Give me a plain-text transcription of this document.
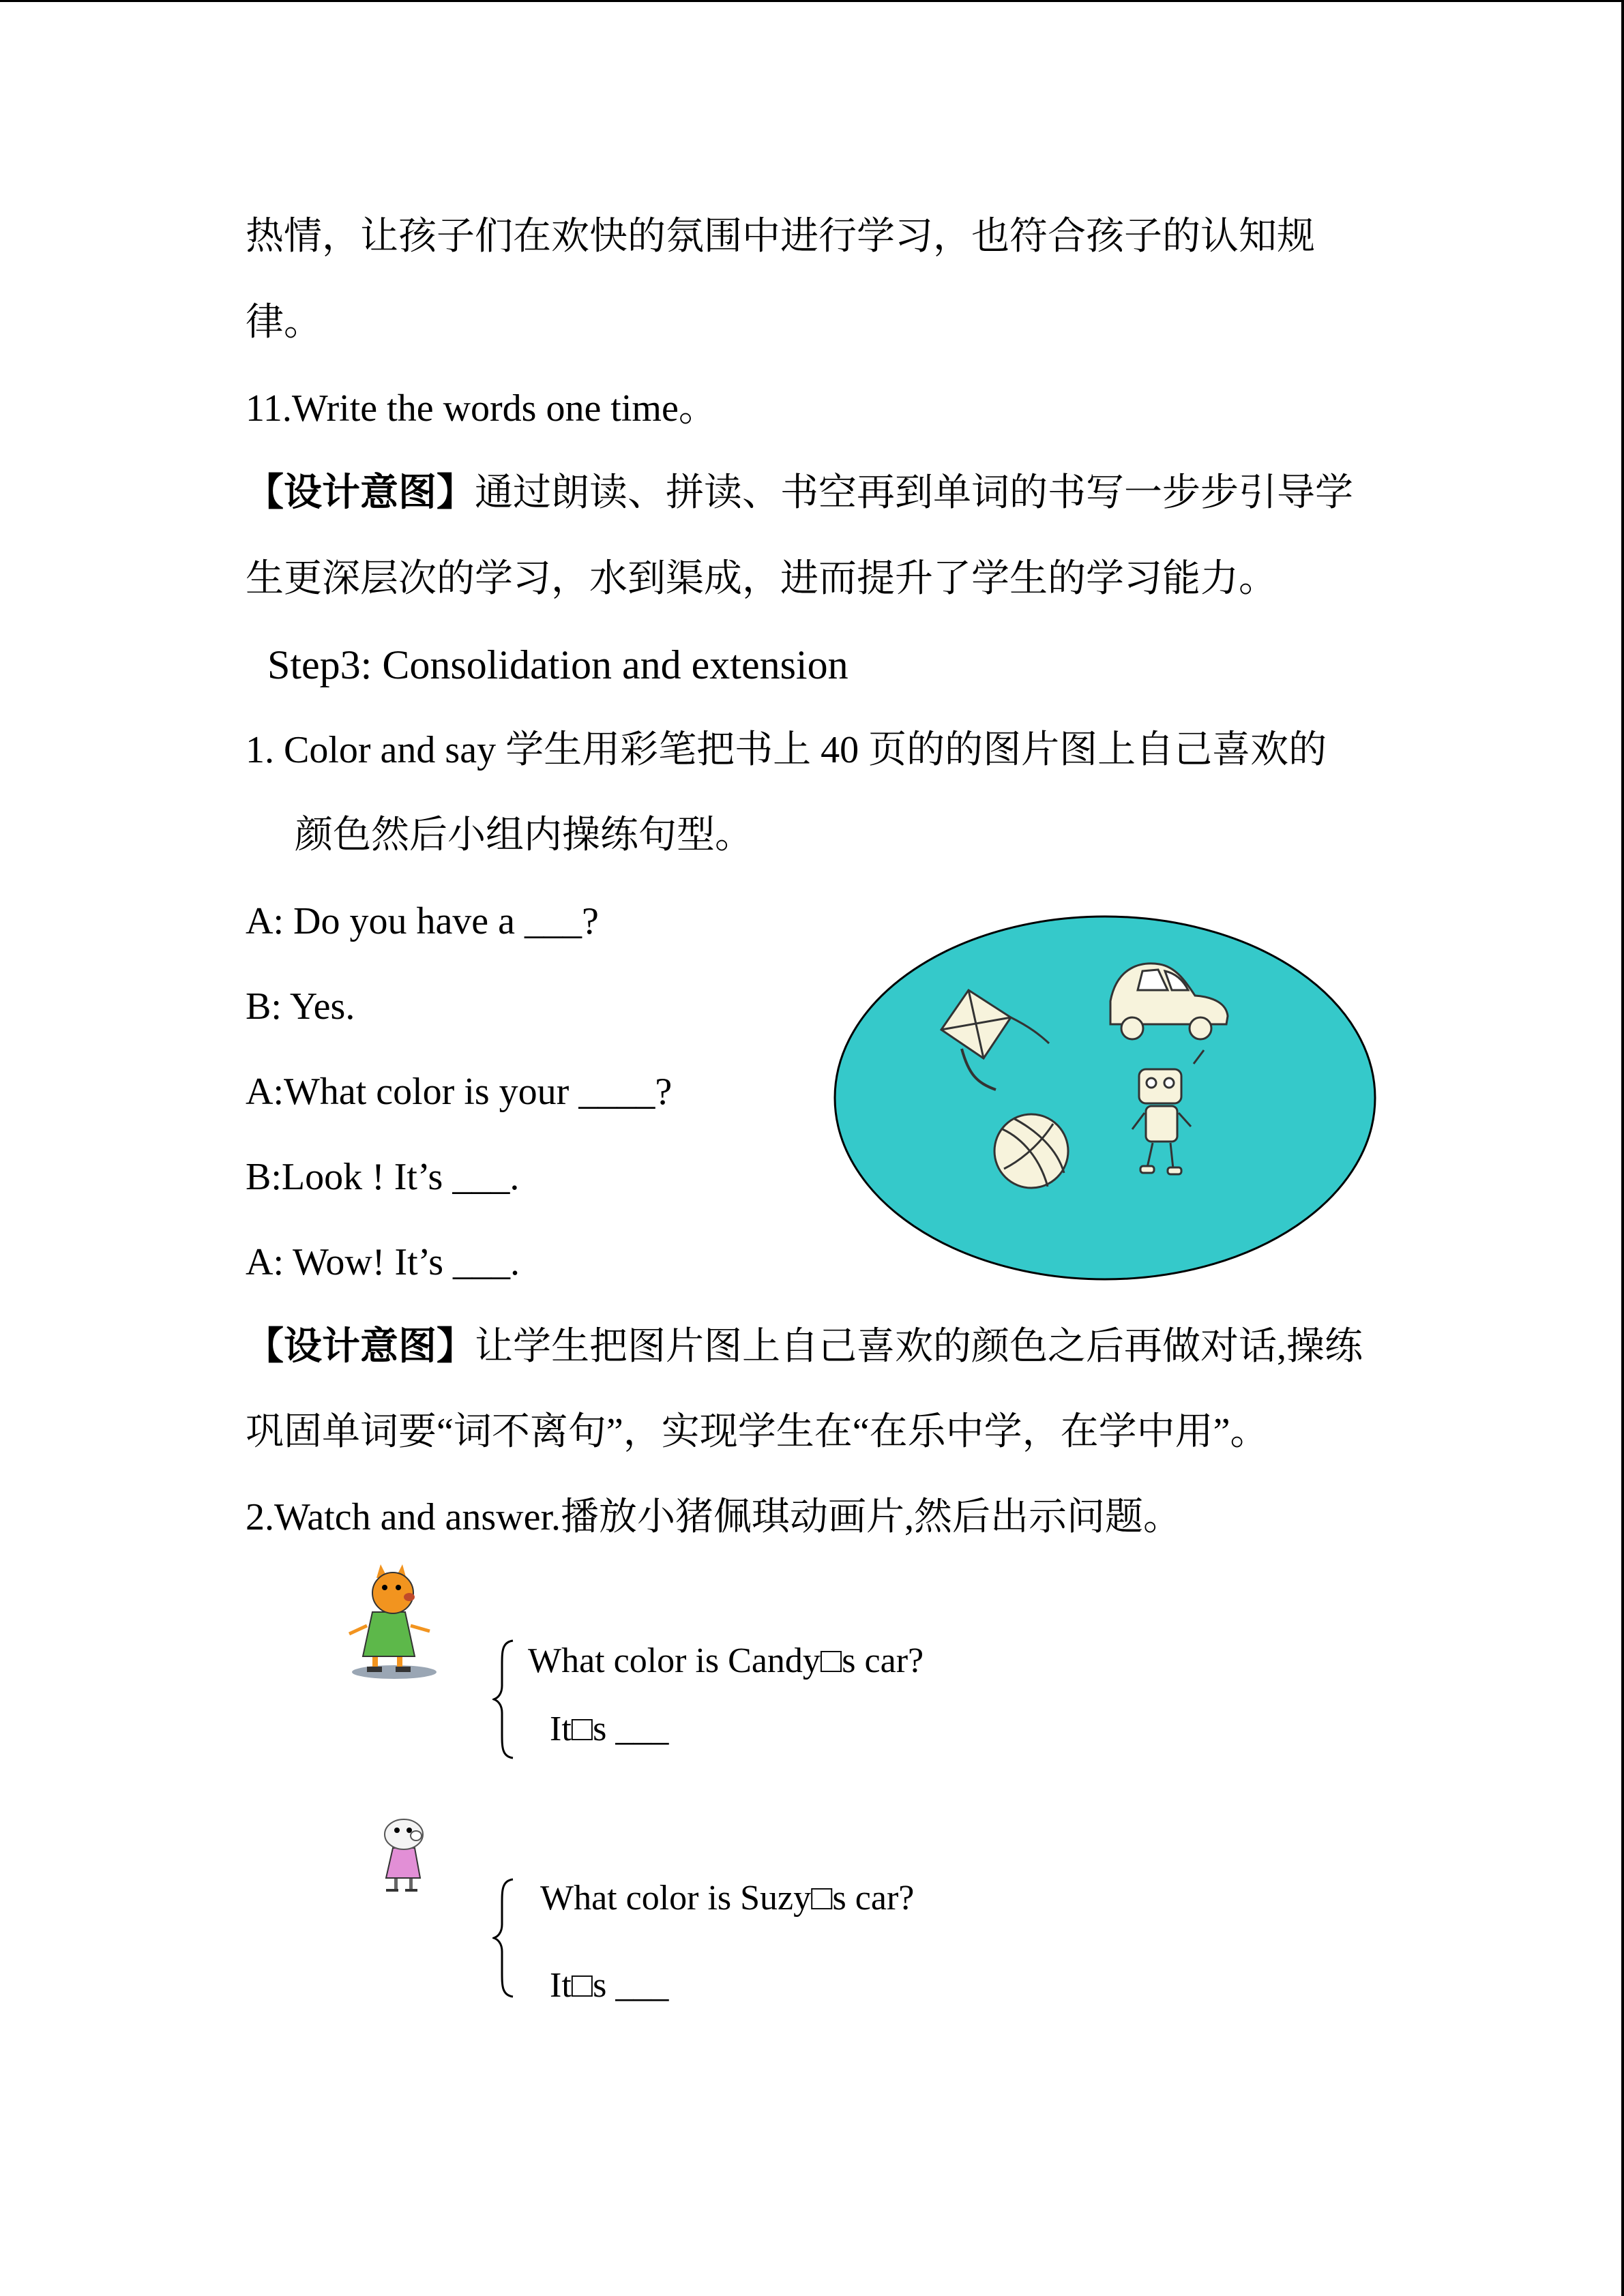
热情，让孩子们在欢快的氛围中进行学习，也符合孩子的认知规
律。
11.Write the words one time。
【设计意图】通过朗读、拼读、书空再到单词的书写一步步引导学
生更深层次的学习，水到渠成，进而提升了学生的学习能力。
Step3: Consolidation and extension
1. Color and say 学生用彩笔把书上 40 页的的图片图上自己喜欢的
颜色然后小组内操练句型。
A: Do you have a ___?
B: Yes.
A:What color is your ____?
B:Look ! It’s ___.
A: Wow! It’s ___.
【设计意图】让学生把图片图上自己喜欢的颜色之后再做对话,操练
巩固单词要“词不离句”，实现学生在“在乐中学，在学中用”。
2.Watch and answer.播放小猪佩琪动画片,然后出示问题。
What color is Candy□s car?
It□s ___
What color is Suzy□s car?
It□s ___
